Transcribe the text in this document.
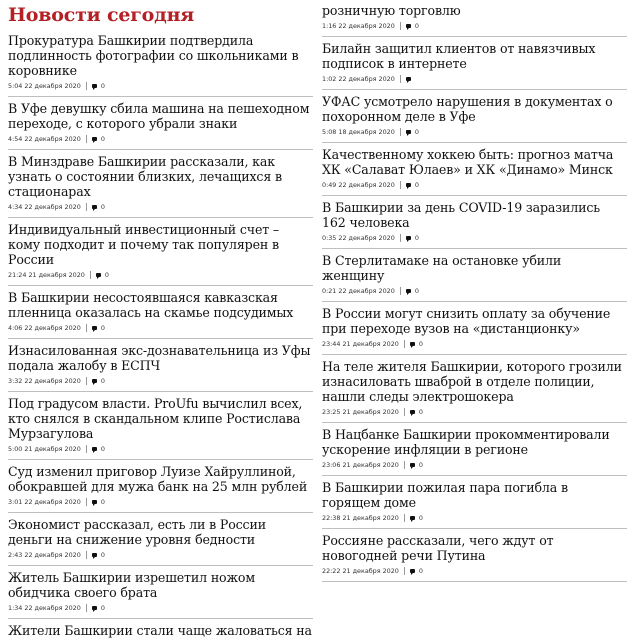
Новости сегодня

Прокуратура Башкирии подтвердила подлинность фотографии со школьниками в коровнике

5:04 22 декабря 2020	0

В Уфе девушку сбила машина на пешеходном переходе, с которого убрали знаки

4:54 22 декабря 2020	0

В Минздраве Башкирии рассказали, как узнать о состоянии близких, лечащихся в стационарах

4:34 22 декабря 2020	0

Индивидуальный инвестиционный счет – кому подходит и почему так популярен в России

21:24 21 декабря 2020	0

В Башкирии несостоявшаяся кавказская пленница оказалась на скамье подсудимых

4:06 22 декабря 2020	0

Изнасилованная экс-дознавательница из Уфы подала жалобу в ЕСПЧ

3:32 22 декабря 2020	0

Под градусом власти. ProUfu вычислил всех, кто снялся в скандальном клипе Ростислава Мурзагулова

5:00 21 декабря 2020	0

Суд изменил приговор Луизе Хайруллиной, обокравшей для мужа банк на 25 млн рублей

3:01 22 декабря 2020	0

Экономист рассказал, есть ли в России деньги на снижение уровня бедности

2:43 22 декабря 2020	0

Житель Башкирии изрешетил ножом обидчика своего брата

1:34 22 декабря 2020	0

Жители Башкирии стали чаще жаловаться на

розничную торговлю

1:16 22 декабря 2020	0

Билайн защитил клиентов от навязчивых подписок в интернете

1:02 22 декабря 2020

УФАС усмотрело нарушения в документах о похоронном деле в Уфе

5:08 18 декабря 2020	0

Качественному хоккею быть: прогноз матча ХК «Салават Юлаев» и ХК «Динамо» Минск

0:49 22 декабря 2020	0

В Башкирии за день COVID-19 заразились 162 человека

0:35 22 декабря 2020	0

В Стерлитамаке на остановке убили женщину

0:21 22 декабря 2020	0

В России могут снизить оплату за обучение при переходе вузов на «дистанционку»

23:44 21 декабря 2020	0

На теле жителя Башкирии, которого грозили изнасиловать шваброй в отделе полиции, нашли следы электрошокера

23:25 21 декабря 2020	0

В Нацбанке Башкирии прокомментировали ускорение инфляции в регионе

23:06 21 декабря 2020	0

В Башкирии пожилая пара погибла в горящем доме

22:38 21 декабря 2020	0

Россияне рассказали, чего ждут от новогодней речи Путина

22:22 21 декабря 2020	0
